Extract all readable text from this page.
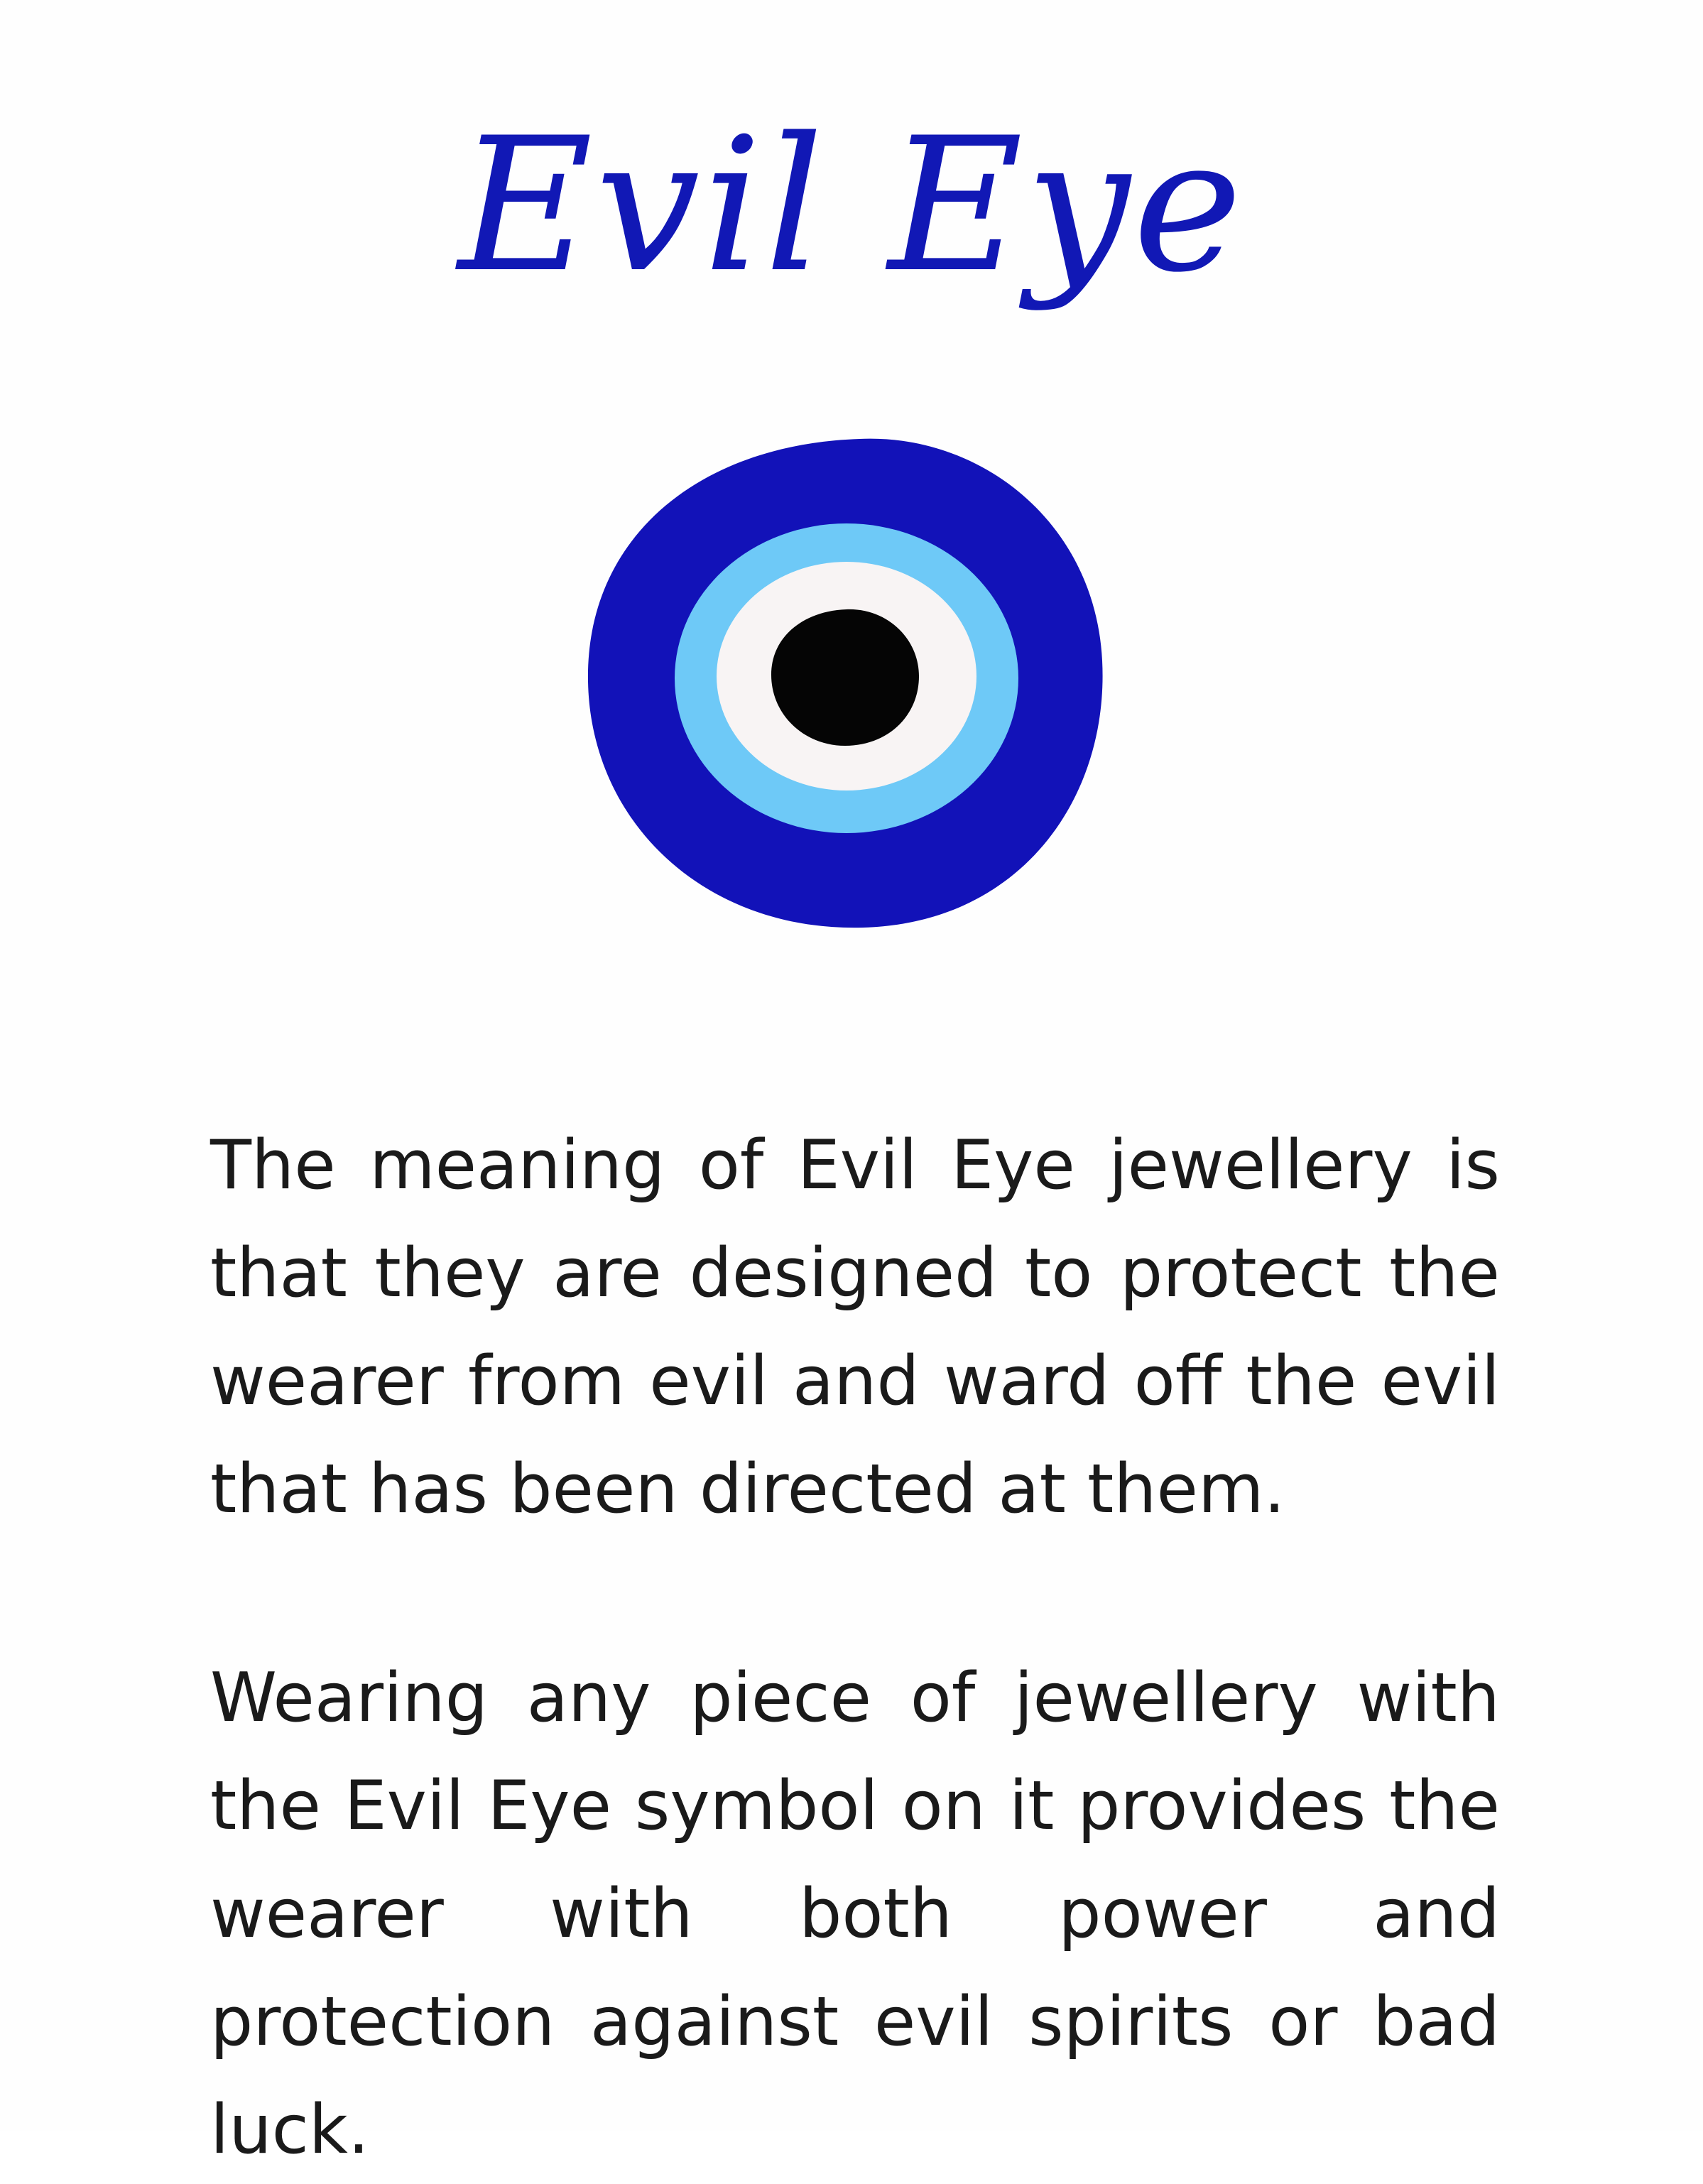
Evil Eye

The meaning of Evil Eye jewellery is that they are designed to protect the wearer from evil and ward off the evil that has been directed at them.

Wearing any piece of jewellery with the Evil Eye symbol on it provides the wearer with both power and protection against evil spirits or bad luck.
